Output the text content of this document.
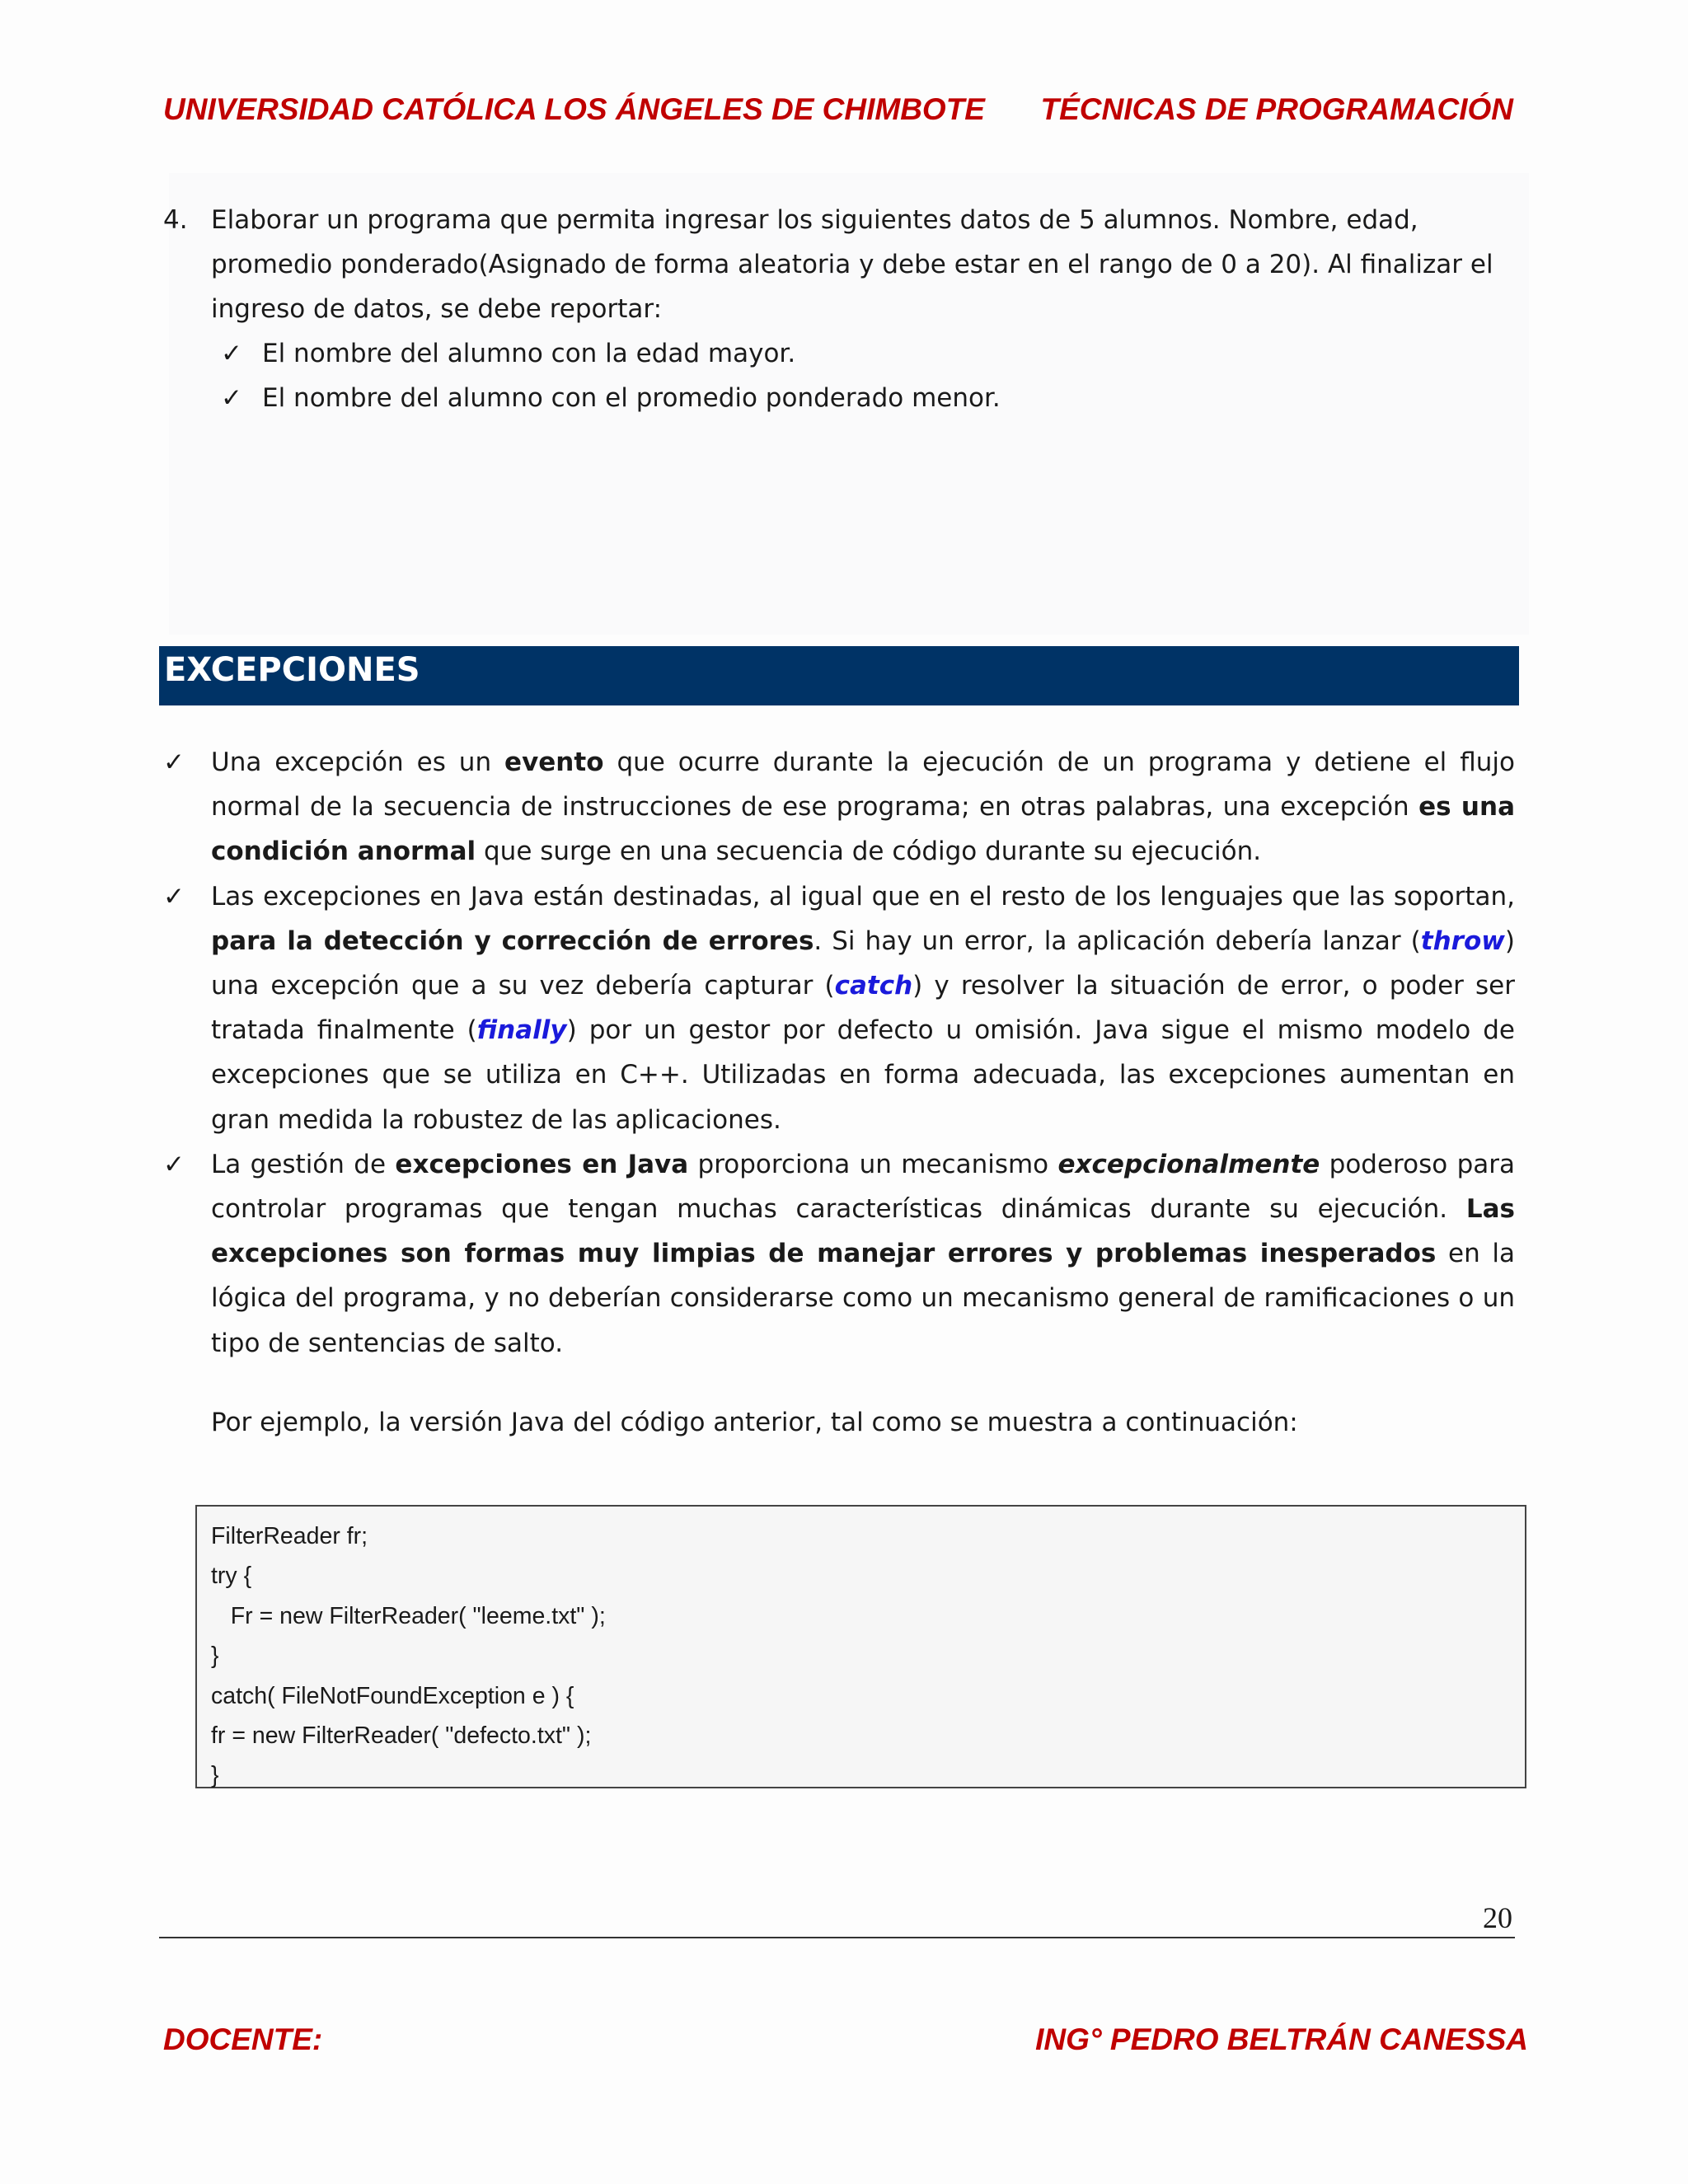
UNIVERSIDAD CATÓLICA LOS ÁNGELES DE CHIMBOTE TÉCNICAS DE PROGRAMACIÓN
4. Elaborar un programa que permita ingresar los siguientes datos de 5 alumnos. Nombre, edad, promedio ponderado(Asignado de forma aleatoria y debe estar en el rango de 0 a 20). Al finalizar el ingreso de datos, se debe reportar:
✓ El nombre del alumno con la edad mayor.
✓ El nombre del alumno con el promedio ponderado menor.
EXCEPCIONES
✓ Una excepción es un evento que ocurre durante la ejecución de un programa y detiene el flujo normal de la secuencia de instrucciones de ese programa; en otras palabras, una excepción es una condición anormal que surge en una secuencia de código durante su ejecución.
✓ Las excepciones en Java están destinadas, al igual que en el resto de los lenguajes que las soportan, para la detección y corrección de errores. Si hay un error, la aplicación debería lanzar (throw) una excepción que a su vez debería capturar (catch) y resolver la situación de error, o poder ser tratada finalmente (finally) por un gestor por defecto u omisión. Java sigue el mismo modelo de excepciones que se utiliza en C++. Utilizadas en forma adecuada, las excepciones aumentan en gran medida la robustez de las aplicaciones.
✓ La gestión de excepciones en Java proporciona un mecanismo excepcionalmente poderoso para controlar programas que tengan muchas características dinámicas durante su ejecución. Las excepciones son formas muy limpias de manejar errores y problemas inesperados en la lógica del programa, y no deberían considerarse como un mecanismo general de ramificaciones o un tipo de sentencias de salto.
Por ejemplo, la versión Java del código anterior, tal como se muestra a continuación:
FilterReader fr;
try {
Fr = new FilterReader( "leeme.txt" );
}
catch( FileNotFoundException e ) {
fr = new FilterReader( "defecto.txt" );
}
20
DOCENTE:	ING° PEDRO BELTRÁN CANESSA
